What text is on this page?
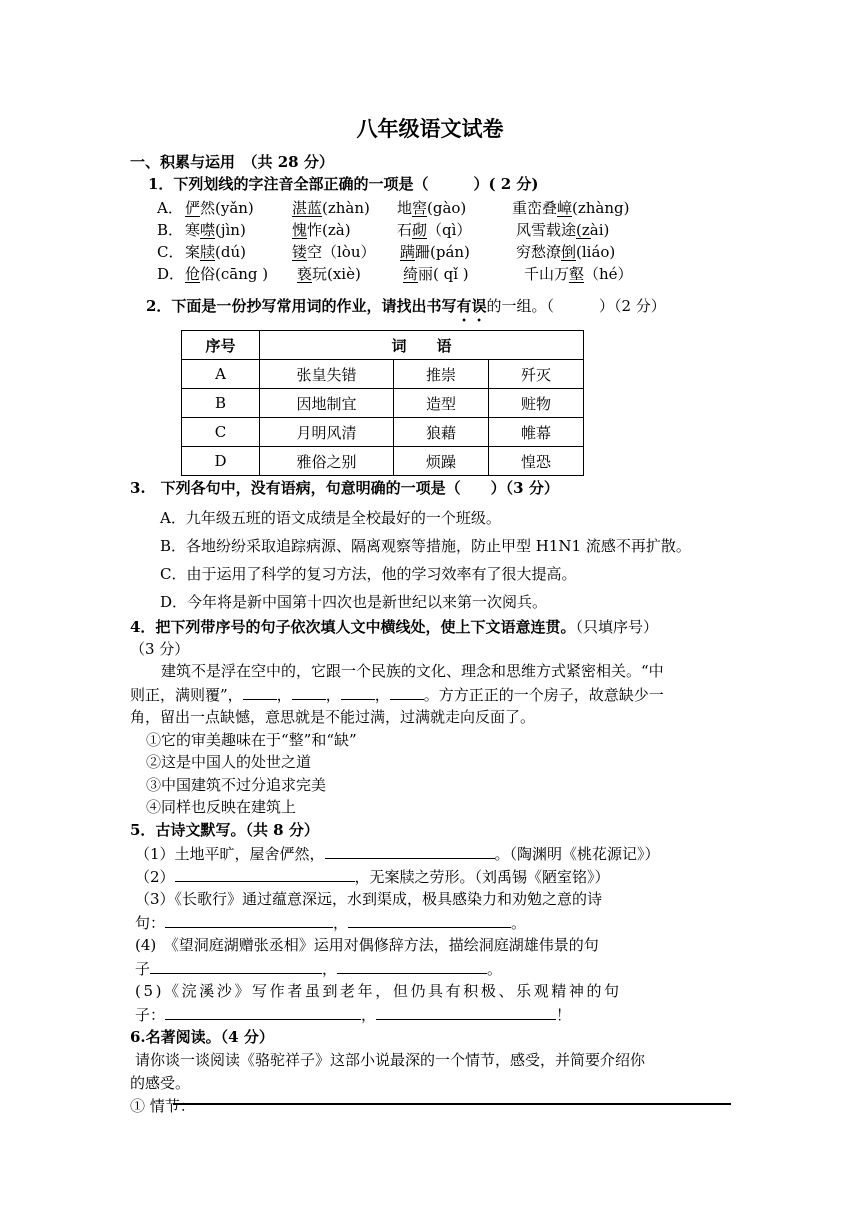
八年级语文试卷
一、积累与运用　（共 28 分）
1．下列划线的字注音全部正确的一项是（　　　）( 2 分)
A． 俨然(yǎn)	湛蓝(zhàn) 地窖(gào)	重峦叠嶂(zhàng)
B． 寒噤(jìn)	愧怍(zà)	石砌（qì）	风雪载途(zài)
C． 案牍(dú)	镂空（lòu） 蹒跚(pán)	穷愁潦倒(liáo)
D． 伧俗(cāng ) 亵玩(xiè)	绮丽( qǐ )	千山万壑（hé）
2．下面是一份抄写常用词的作业，请找出书写有误的一组。（　　　）（2 分）
序号	词　　语		
A	张皇失错	推崇	歼灭
B	因地制宜	造型	赃物
C	月明风清	狼藉	帷幕
D	雅俗之别	烦躁	惶恐
3.　下列各句中，没有语病，句意明确的一项是（　　）（3 分）
A．九年级五班的语文成绩是全校最好的一个班级。
B．各地纷纷采取追踪病源、隔离观察等措施，防止甲型 H1N1 流感不再扩散。
C．由于运用了科学的复习方法，他的学习效率有了很大提高。
D．今年将是新中国第十四次也是新世纪以来第一次阅兵。
4．把下列带序号的句子依次填人文中横线处，使上下文语意连贯。（只填序号）
（3 分）
建筑不是浮在空中的，它跟一个民族的文化、理念和思维方式紧密相关。“中
则正，满则覆”， ， ， ， 。方方正正的一个房子，故意缺少一
角，留出一点缺憾，意思就是不能过满，过满就走向反面了。
①它的审美趣味在于“整”和“缺”
②这是中国人的处世之道
③中国建筑不过分追求完美
④同样也反映在建筑上
5．古诗文默写。（共 8 分）
（1）土地平旷，屋舍俨然，	。（陶渊明《桃花源记》）
（2）	，无案牍之劳形。（刘禹锡《陋室铭》）
（3）《长歌行》通过蕴意深远，水到渠成，极具感染力和劝勉之意的诗
句：	，	。
(4)　《望洞庭湖赠张丞相》运用对偶修辞方法，描绘洞庭湖雄伟景的句
子	，	。
(5)《浣溪沙》写作者虽到老年，但仍具有积极、乐观精神的句
子：	，	！
6.名著阅读。（4 分）
请你谈一谈阅读《骆驼祥子》这部小说最深的一个情节，感受，并简要介绍你
的感受。
① 情节：
